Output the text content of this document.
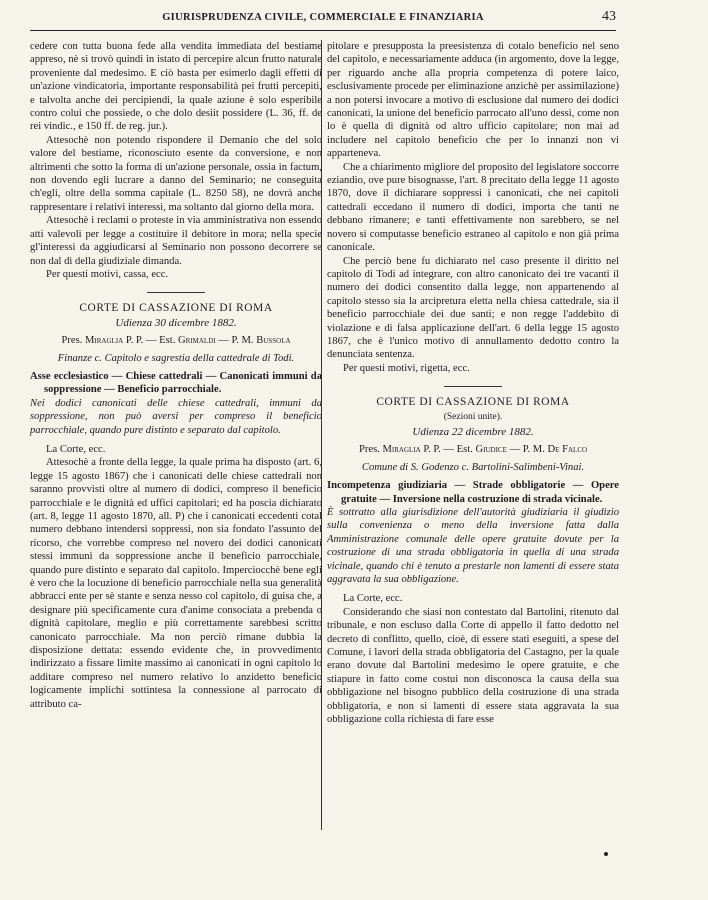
GIURISPRUDENZA CIVILE, COMMERCIALE E FINANZIARIA	43

cedere con tutta buona fede alla vendita immediata del bestiame appreso, nè si trovò quindi in istato di percepire alcun frutto naturale proveniente dal medesimo. E ciò basta per esimerlo dagli effetti di un'azione vindicatoria, importante responsabilità pei frutti percepiti, e talvolta anche dei percipiendi, la quale azione è solo esperibile contro colui che possiede, o che dolo desiit possidere (L. 36, ff. de rei vindic., e 150 ff. de reg. jur.).

Attesochè non potendo rispondere il Demanio che del solo valore del bestiame, riconosciuto esente da conversione, e non altrimenti che sotto la forma di un'azione personale, ossia in factum, non dovendo egli lucrare a danno del Seminario; ne conseguita ch'egli, oltre della somma capitale (L. 8250 58), ne dovrà anche rappresentare i relativi interessi, ma soltanto dal giorno della mora.

Attesochè i reclami o proteste in via amministrativa non essendo atti valevoli per legge a costituire il debitore in mora; nella specie gl'interessi da aggiudicarsi al Seminario non possono decorrere se non dal dì della giudiziale dimanda.

Per questi motivi, cassa, ecc.

CORTE DI CASSAZIONE DI ROMA
Udienza 30 dicembre 1882.

Pres. Miraglia P. P. — Est. Grimaldi — P. M. Bussola

Finanze c. Capitolo e sagrestia della cattedrale di Todi.

Asse ecclesiastico — Chiese cattedrali — Canonicati immuni da soppressione — Beneficio parrocchiale.

Nei dodici canonicati delle chiese cattedrali, immuni da soppressione, non può aversi per compreso il beneficio parrocchiale, quando pure distinto e separato dal capitolo.

La Corte, ecc.

Attesochè a fronte della legge, la quale prima ha disposto (art. 6, legge 15 agosto 1867) che i canonicati delle chiese cattedrali non saranno provvisti oltre al numero di dodici, compreso il beneficio parrocchiale e le dignità ed uffici capitolari; ed ha poscia dichiarato (art. 8, legge 11 agosto 1870, all. P) che i canonicati eccedenti cotal numero debbano intendersi soppressi, non sia fondato l'assunto del ricorso, che vorrebbe compreso nel novero dei dodici canonicati stessi immuni da soppressione anche il beneficio parrocchiale, quando pure distinto e separato dal capitolo. Imperciocchè bene egli è vero che la locuzione di beneficio parrocchiale nella sua generalità abbracci ente per sè stante e senza nesso col capitolo, di guisa che, a designare più specificamente cura d'anime consociata a prebenda o dignità capitolare, meglio e più correttamente sarebbesi scritto canonicato parrocchiale. Ma non perciò rimane dubbia la disposizione dettata: essendo evidente che, in provvedimento indirizzato a fissare limite massimo ai canonicati in ogni capitolo lo additare compreso nel numero relativo lo anzidetto beneficio logicamente implichi sottintesa la connessione al parrocato di attributo ca-

pitolare e presupposta la preesistenza di cotalo beneficio nel seno del capitolo, e necessariamente adduca (in argomento, dove la legge, per riguardo anche alla propria competenza di potere laico, esclusivamente procede per eliminazione anzichè per assimilazione) a non potersi invocare a motivo di esclusione dal numero dei dodici canonicati, la unione del beneficio parrocato all'uno dessi, come non lo è quella di dignità od altro ufficio capitolare; non mai ad includere nel capitolo beneficio che per lo innanzi non vi apparteneva.

Che a chiarimento migliore del proposito del legislatore soccorre eziandio, ove pure bisognasse, l'art. 8 precitato della legge 11 agosto 1870, dove il dichiarare soppressi i canonicati, che nei capitoli cattedrali eccedano il numero di dodici, importa che tanti ne debbano rimanere; e tanti effettivamente non sarebbero, se nel novero si computasse beneficio estraneo al capitolo e non già prima canonicale.

Che perciò bene fu dichiarato nel caso presente il diritto nel capitolo di Todi ad integrare, con altro canonicato dei tre vacanti il numero dei dodici consentito dalla legge, non appartenendo al capitolo stesso sia la arcipretura eletta nella chiesa cattedrale, sia il beneficio parrocchiale dei due santi; e non regge l'addebito di violazione e di falsa applicazione dell'art. 6 della legge 15 agosto 1867, che è l'unico motivo di annullamento dedotto contro la denunciata sentenza.

Per questi motivi, rigetta, ecc.

CORTE DI CASSAZIONE DI ROMA
(Sezioni unite).
Udienza 22 dicembre 1882.

Pres. Miraglia P. P. — Est. Giudice — P. M. De Falco

Comune di S. Godenzo c. Bartolini-Salimbeni-Vinai.

Incompetenza giudiziaria — Strade obbligatorie — Opere gratuite — Inversione nella costruzione di strada vicinale.

È sottratto alla giurisdizione dell'autorità giudiziaria il giudizio sulla convenienza o meno della inversione fatta dalla Amministrazione comunale delle opere gratuite dovute per la costruzione di una strada obbligatoria in quella di una strada vicinale, quando chi è tenuto a prestarle non lamenti di essere stata aggravata la sua obbligazione.

La Corte, ecc.

Considerando che siasi non contestato dal Bartolini, ritenuto dal tribunale, e non escluso dalla Corte di appello il fatto dedotto nel decreto di conflitto, quello, cioè, di essere stati eseguiti, a spese del Comune, i lavori della strada obbligatoria del Castagno, per la quale erano dovute dal Bartolini medesimo le opere gratuite, e che stiapure in fatto come costui non disconosca la causa della sua obbligazione nel bisogno pubblico della costruzione di una strada obbligatoria, e non si lamenti di essere stata aggravata la sua obbligazione colla richiesta di fare esse
